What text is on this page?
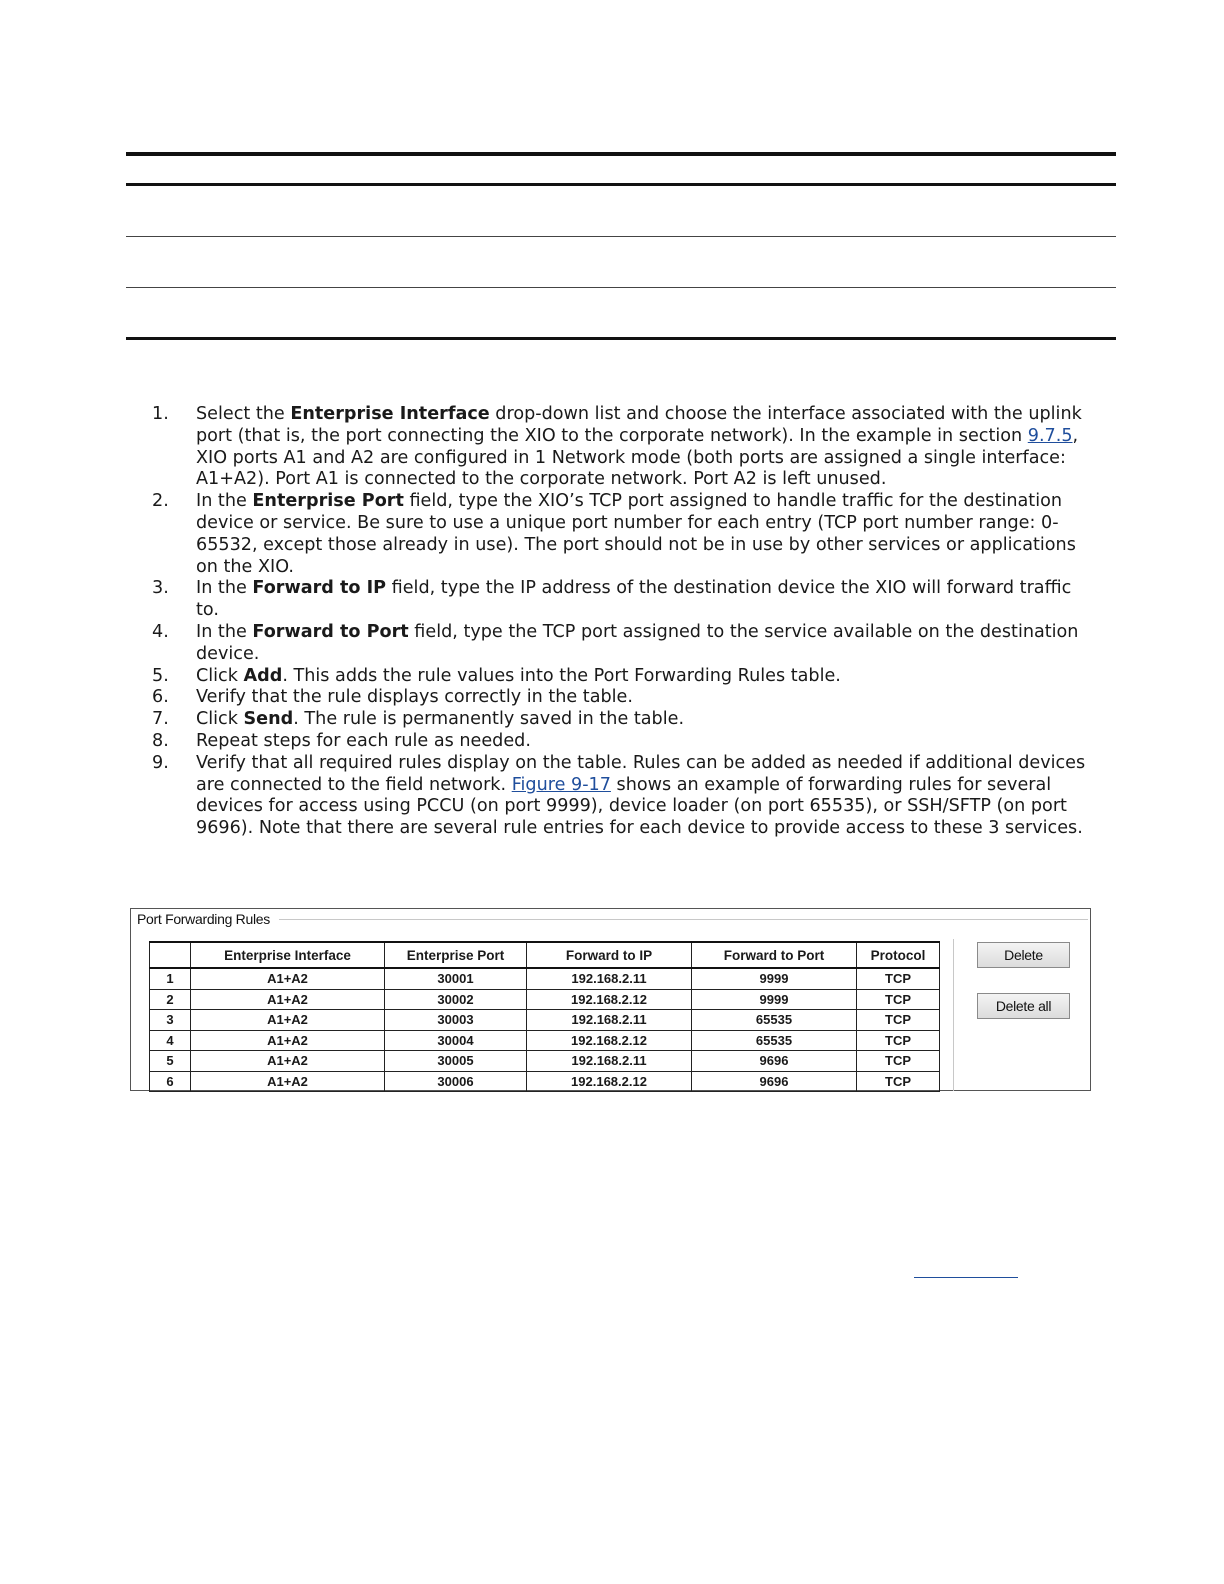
1. Select the Enterprise Interface drop-down list and choose the interface associated with the uplink port (that is, the port connecting the XIO to the corporate network). In the example in section 9.7.5, XIO ports A1 and A2 are configured in 1 Network mode (both ports are assigned a single interface: A1+A2). Port A1 is connected to the corporate network. Port A2 is left unused.
2. In the Enterprise Port field, type the XIO’s TCP port assigned to handle traffic for the destination device or service. Be sure to use a unique port number for each entry (TCP port number range: 0-65532, except those already in use). The port should not be in use by other services or applications on the XIO.
3. In the Forward to IP field, type the IP address of the destination device the XIO will forward traffic to.
4. In the Forward to Port field, type the TCP port assigned to the service available on the destination device.
5. Click Add. This adds the rule values into the Port Forwarding Rules table.
6. Verify that the rule displays correctly in the table.
7. Click Send. The rule is permanently saved in the table.
8. Repeat steps for each rule as needed.
9. Verify that all required rules display on the table. Rules can be added as needed if additional devices are connected to the field network. Figure 9-17 shows an example of forwarding rules for several devices for access using PCCU (on port 9999), device loader (on port 65535), or SSH/SFTP (on port 9696). Note that there are several rule entries for each device to provide access to these 3 services.
Port Forwarding Rules
	Enterprise Interface	Enterprise Port	Forward to IP	Forward to Port	Protocol
1	A1+A2	30001	192.168.2.11	9999	TCP
2	A1+A2	30002	192.168.2.12	9999	TCP
3	A1+A2	30003	192.168.2.11	65535	TCP
4	A1+A2	30004	192.168.2.12	65535	TCP
5	A1+A2	30005	192.168.2.11	9696	TCP
6	A1+A2	30006	192.168.2.12	9696	TCP
Delete
Delete all
